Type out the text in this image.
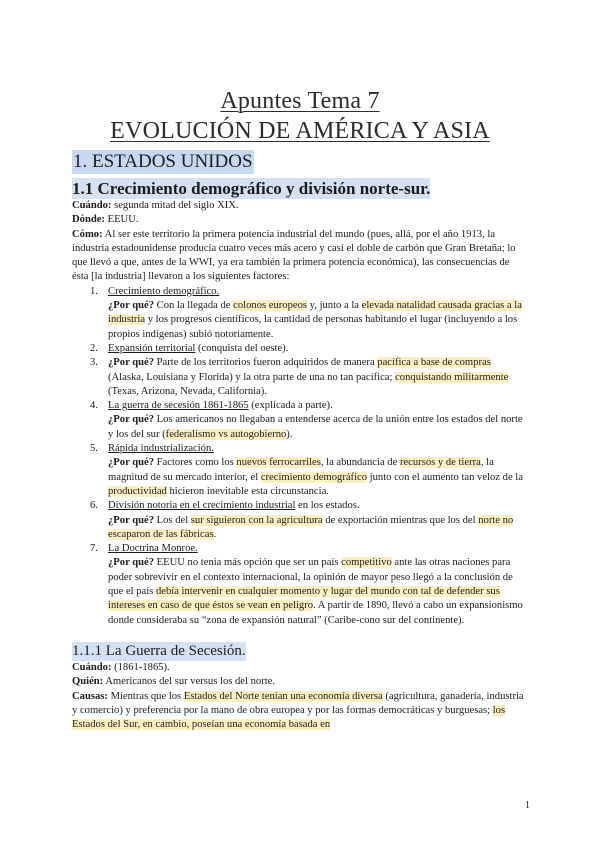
Apuntes Tema 7
EVOLUCIÓN DE AMÉRICA Y ASIA
1. ESTADOS UNIDOS
1.1 Crecimiento demográfico y división norte-sur.

Cuándo: segunda mitad del siglo XIX.

Dónde: EEUU.

Cómo: Al ser este territorio la primera potencia industrial del mundo (pues, allá, por el año 1913, la industria estadounidense producía cuatro veces más acero y casi el doble de carbón que Gran Bretaña; lo que llevó a que, antes de la WWI, ya era también la primera potencia económica), las consecuencias de ésta [la industria] llevaron a los siguientes factores:

1. Crecimiento demográfico.
¿Por qué? Con la llegada de colonos europeos y, junto a la elevada natalidad causada gracias a la industria y los progresos científicos, la cantidad de personas habitando el lugar (incluyendo a los propios indígenas) subió notoriamente.
2. Expansión territorial (conquista del oeste).
3. ¿Por qué? Parte de los territorios fueron adquiridos de manera pacífica a base de compras (Alaska, Louisiana y Florida) y la otra parte de una no tan pacífica; conquistando militarmente (Texas, Arizona, Nevada, California).
4. La guerra de secesión 1861-1865 (explicada a parte).
¿Por qué? Los americanos no llegaban a entenderse acerca de la unión entre los estados del norte y los del sur (federalismo vs autogobierno).
5. Rápida industrialización.
¿Por qué? Factores como los nuevos ferrocarriles, la abundancia de recursos y de tierra, la magnitud de su mercado interior, el crecimiento demográfico junto con el aumento tan veloz de la productividad hicieron inevitable esta circunstancia.
6. División notoria en el crecimiento industrial en los estados.
¿Por qué? Los del sur siguieron con la agricultura de exportación mientras que los del norte no escaparon de las fábricas.
7. La Doctrina Monroe.
¿Por qué? EEUU no tenía más opción que ser un país competitivo ante las otras naciones para poder sobrevivir en el contexto internacional, la opinión de mayor peso llegó a la conclusión de que el país debía intervenir en cualquier momento y lugar del mundo con tal de defender sus intereses en caso de que éstos se vean en peligro. A partir de 1890, llevó a cabo un expansionismo donde consideraba su “zona de expansión natural” (Caribe-cono sur del continente).
1.1.1 La Guerra de Secesión.

Cuándo: (1861-1865).

Quién: Americanos del sur versus los del norte.

Causas: Mientras que los Estados del Norte tenían una economía diversa (agricultura, ganadería, industria y comercio) y preferencia por la mano de obra europea y por las formas democráticas y burguesas; los Estados del Sur, en cambio, poseían una economía basada en

1
